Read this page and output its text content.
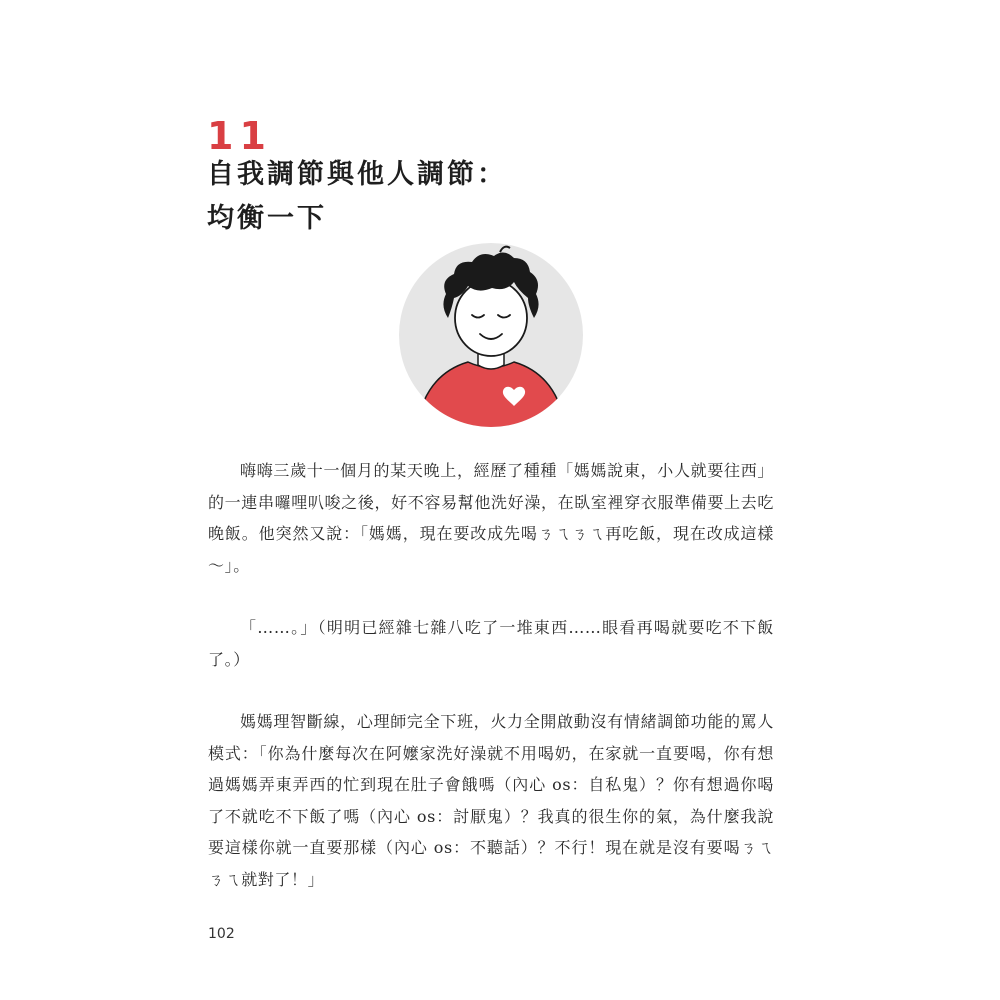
11
自我調節與他人調節：
均衡一下

嗨嗨三歲十一個月的某天晚上，經歷了種種「媽媽說東，小人就要往西」的一連串囉哩叭唆之後，好不容易幫他洗好澡，在臥室裡穿衣服準備要上去吃晚飯。他突然又說：「媽媽，現在要改成先喝ㄋㄟㄋㄟ再吃飯，現在改成這樣～」。

「……。」（明明已經雜七雜八吃了一堆東西……眼看再喝就要吃不下飯了。）

媽媽理智斷線，心理師完全下班，火力全開啟動沒有情緒調節功能的罵人模式：「你為什麼每次在阿嬤家洗好澡就不用喝奶，在家就一直要喝，你有想過媽媽弄東弄西的忙到現在肚子會餓嗎（內心 os：自私鬼）？你有想過你喝了不就吃不下飯了嗎（內心 os：討厭鬼）？我真的很生你的氣，為什麼我說要這樣你就一直要那樣（內心 os：不聽話）？不行！現在就是沒有要喝ㄋㄟㄋㄟ就對了！」

102
